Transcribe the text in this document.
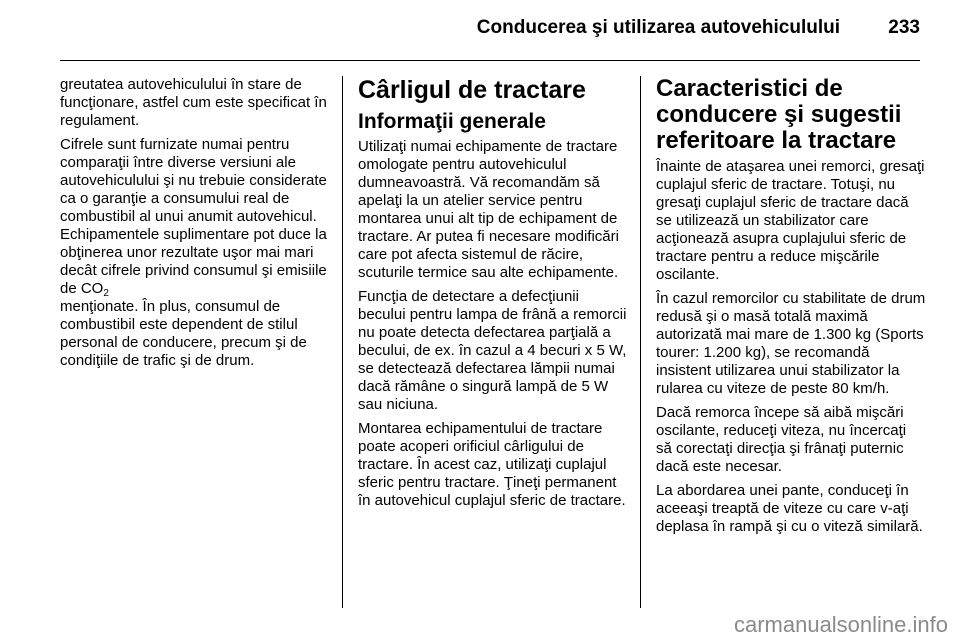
Conducerea şi utilizarea autovehiculului	233

greutatea autovehiculului în stare de funcţionare, astfel cum este specificat în regulament.

Cifrele sunt furnizate numai pentru comparaţii între diverse versiuni ale autovehiculului şi nu trebuie considerate ca o garanţie a consumului real de combustibil al unui anumit autovehicul.
Echipamentele suplimentare pot duce la obţinerea unor rezultate uşor mai mari decât cifrele privind consumul şi emisiile de $CO_2$
menţionate. În plus, consumul de combustibil este dependent de stilul personal de conducere, precum şi de condiţiile de trafic şi de drum.

Cârligul de tractare
Informaţii generale

Utilizaţi numai echipamente de tractare omologate pentru autovehiculul dumneavoastră. Vă recomandăm să apelaţi la un atelier service pentru montarea unui alt tip de echipament de tractare. Ar putea fi necesare modificări care pot afecta sistemul de răcire, scuturile termice sau alte echipamente.

Funcţia de detectare a defecţiunii becului pentru lampa de frână a remorcii nu poate detecta defectarea parţială a becului, de ex. în cazul a 4 becuri x 5 W, se detectează defectarea lămpii numai dacă rămâne o singură lampă de 5 W sau niciuna.

Montarea echipamentului de tractare poate acoperi orificiul cârligului de tractare. În acest caz, utilizaţi cuplajul sferic pentru tractare. Ţineţi permanent în autovehicul cuplajul sferic de tractare.

Caracteristici de conducere şi sugestii referitoare la tractare

Înainte de ataşarea unei remorci, gresaţi cuplajul sferic de tractare. Totuşi, nu gresaţi cuplajul sferic de tractare dacă se utilizează un stabilizator care acţionează asupra cuplajului sferic de tractare pentru a reduce mişcările oscilante.

În cazul remorcilor cu stabilitate de drum redusă şi o masă totală maximă autorizată mai mare de 1.300 kg (Sports tourer: 1.200 kg), se recomandă insistent utilizarea unui stabilizator la rularea cu viteze de peste 80 km/h.

Dacă remorca începe să aibă mişcări oscilante, reduceţi viteza, nu încercaţi să corectaţi direcţia şi frânaţi puternic dacă este necesar.

La abordarea unei pante, conduceţi în aceeaşi treaptă de viteze cu care v-aţi deplasa în rampă şi cu o viteză similară.

carmanualsonline.info
